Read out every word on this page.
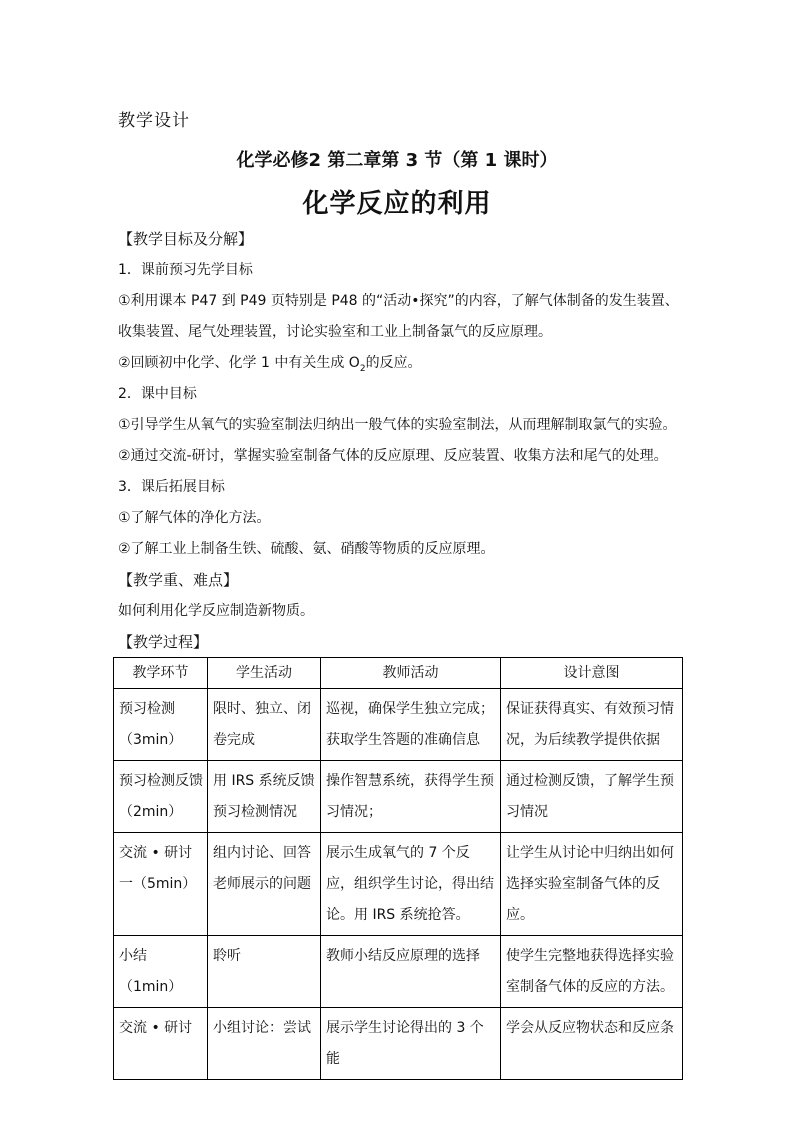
教学设计
化学必修2 第二章第 3 节（第 1 课时）
化学反应的利用
【教学目标及分解】
1．课前预习先学目标
①利用课本 P47 到 P49 页特别是 P48 的“活动•探究”的内容，了解气体制备的发生装置、
收集装置、尾气处理装置，讨论实验室和工业上制备氯气的反应原理。
②回顾初中化学、化学 1 中有关生成 $O_2$的反应。
2．课中目标
①引导学生从氧气的实验室制法归纳出一般气体的实验室制法，从而理解制取氯气的实验。
②通过交流-研讨，掌握实验室制备气体的反应原理、反应装置、收集方法和尾气的处理。
3．课后拓展目标
①了解气体的净化方法。
②了解工业上制备生铁、硫酸、氨、硝酸等物质的反应原理。
【教学重、难点】
如何利用化学反应制造新物质。
【教学过程】
教学环节	学生活动	教师活动	设计意图
预习检测（3min）	限时、独立、闭卷完成	巡视，确保学生独立完成；获取学生答题的准确信息	保证获得真实、有效预习情况，为后续教学提供依据
预习检测反馈（2min）	用 IRS 系统反馈预习检测情况	操作智慧系统，获得学生预习情况；	通过检测反馈，了解学生预习情况
交流 • 研讨一（5min）	组内讨论、回答老师展示的问题	展示生成氧气的 7 个反应，组织学生讨论，得出结论。用 IRS 系统抢答。	让学生从讨论中归纳出如何选择实验室制备气体的反应。
小结（1min）	聆听	教师小结反应原理的选择	使学生完整地获得选择实验室制备气体的反应的方法。
交流 • 研讨	小组讨论：尝试	展示学生讨论得出的 3 个能	学会从反应物状态和反应条
